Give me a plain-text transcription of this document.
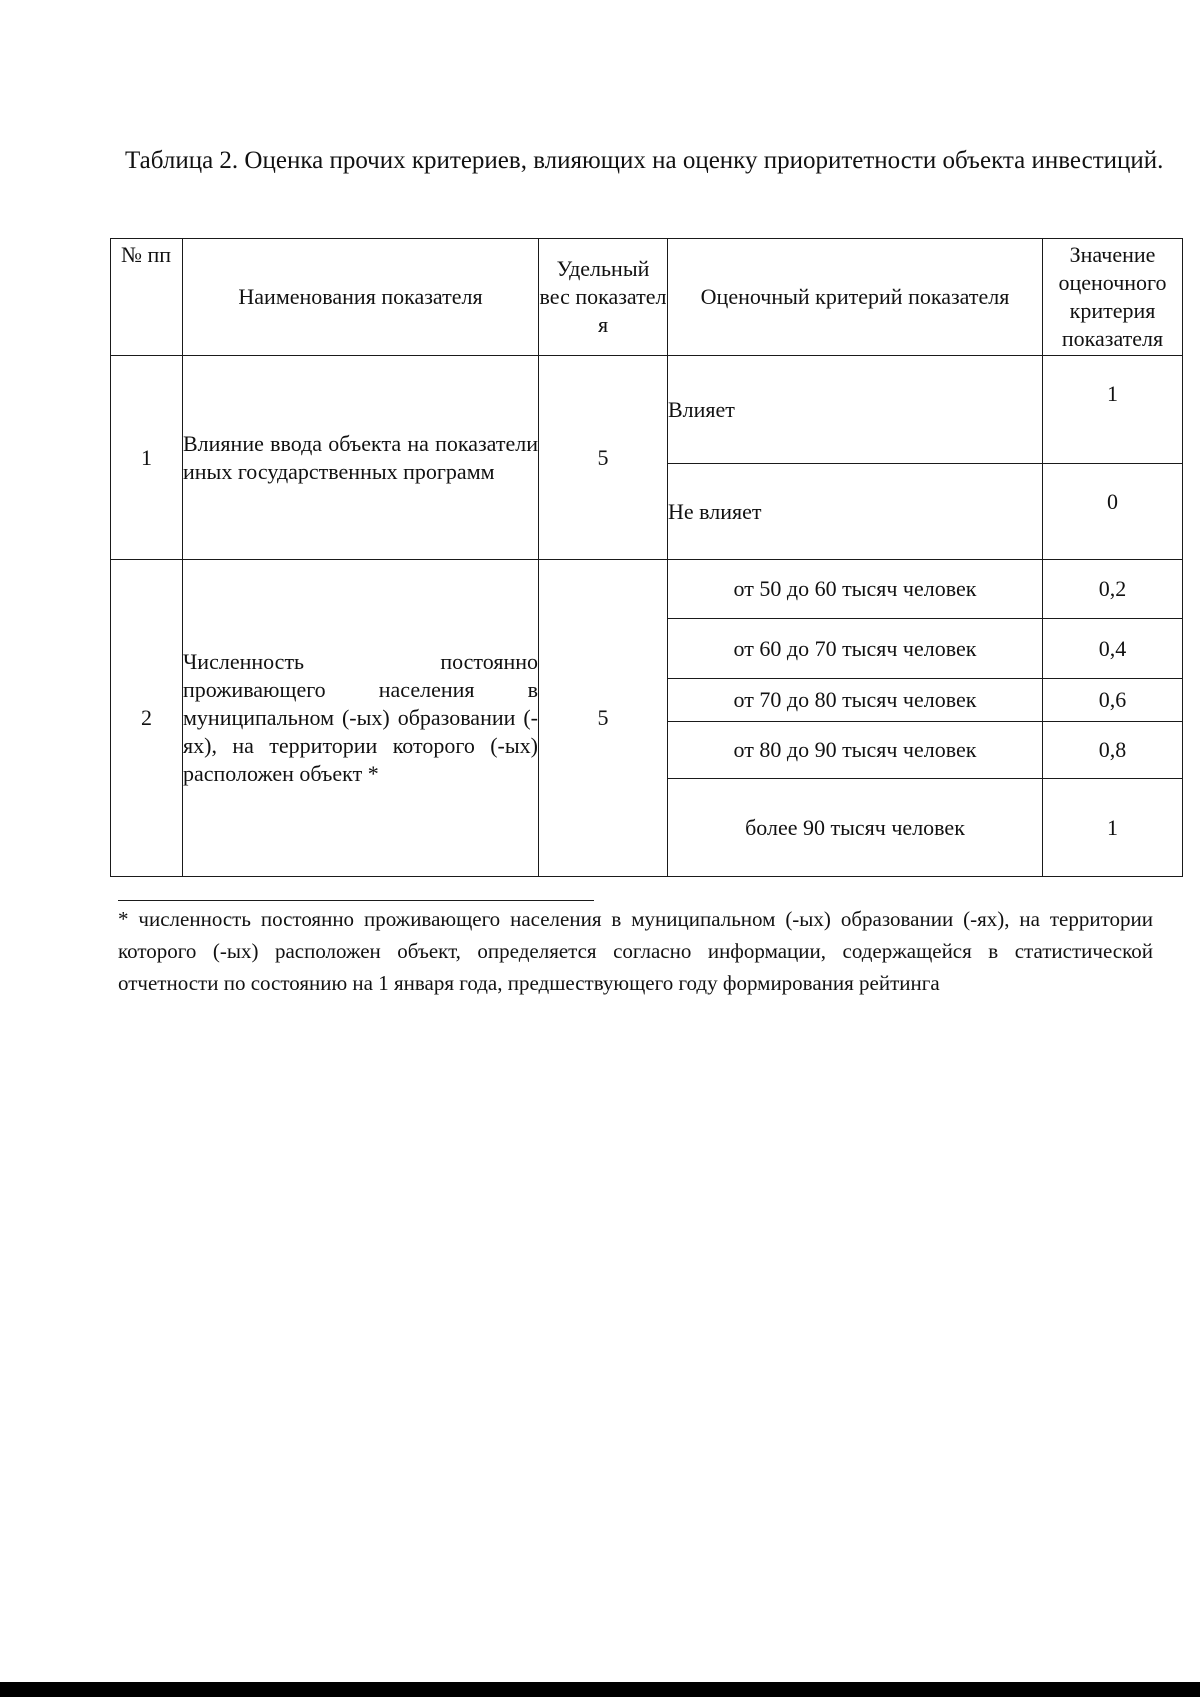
Таблица 2. Оценка прочих критериев, влияющих на оценку приоритетности объекта инвестиций.
№ пп	Наименования показателя	Удельный вес показател я	Оценочный критерий показателя	Значение оценочного критерия показателя
1	Влияние ввода объекта на показатели иных государственных программ	5	Влияет	1
			Не влияет	0
2	Численность постоянно проживающего населения в муниципальном (-ых) образовании (-ях), на территории которого (-ых) расположен объект *	5	от 50 до 60 тысяч человек	0,2
			от 60 до 70 тысяч человек	0,4
			от 70 до 80 тысяч человек	0,6
			от 80 до 90 тысяч человек	0,8
			более 90 тысяч человек	1
* численность постоянно проживающего населения в муниципальном (-ых) образовании (-ях), на территории которого (-ых) расположен объект, определяется согласно информации, содержащейся в статистической отчетности по состоянию на 1 января года, предшествующего году формирования рейтинга
